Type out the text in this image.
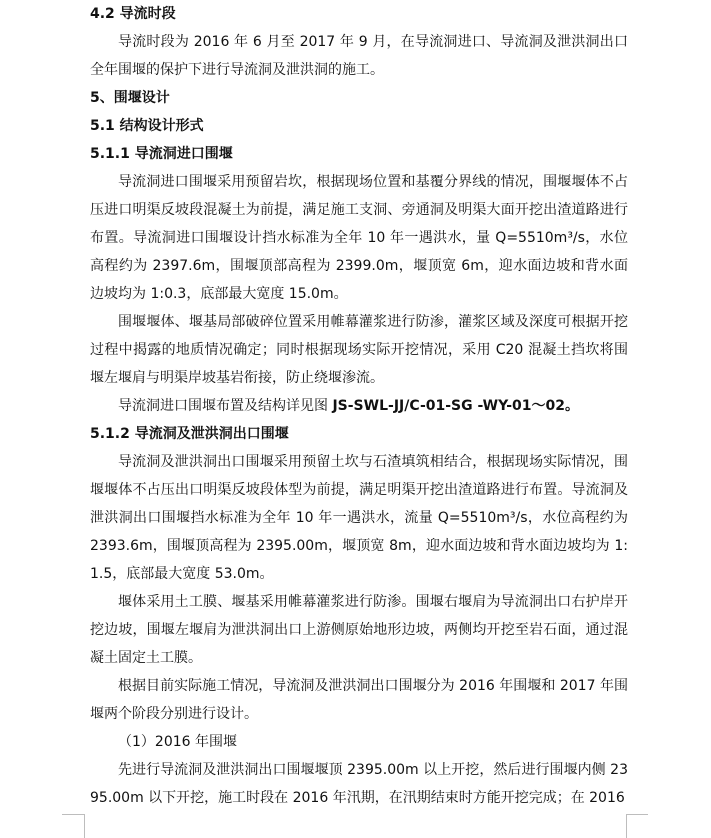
4.2 导流时段

导流时段为 2016 年 6 月至 2017 年 9 月，在导流洞进口、导流洞及泄洪洞出口全年围堰的保护下进行导流洞及泄洪洞的施工。

5、围堰设计
5.1 结构设计形式
5.1.1 导流洞进口围堰

导流洞进口围堰采用预留岩坎，根据现场位置和基覆分界线的情况，围堰堰体不占压进口明渠反坡段混凝土为前提，满足施工支洞、旁通洞及明渠大面开挖出渣道路进行布置。导流洞进口围堰设计挡水标准为全年 10 年一遇洪水，量 Q=5510m³/s，水位高程约为 2397.6m，围堰顶部高程为 2399.0m，堰顶宽 6m，迎水面边坡和背水面边坡均为 1:0.3，底部最大宽度 15.0m。

围堰堰体、堰基局部破碎位置采用帷幕灌浆进行防渗，灌浆区域及深度可根据开挖过程中揭露的地质情况确定；同时根据现场实际开挖情况，采用 C20 混凝土挡坎将围堰左堰肩与明渠岸坡基岩衔接，防止绕堰渗流。

导流洞进口围堰布置及结构详见图 JS-SWL-JJ/C-01-SG -WY-01～02。

5.1.2 导流洞及泄洪洞出口围堰

导流洞及泄洪洞出口围堰采用预留土坎与石渣填筑相结合，根据现场实际情况，围堰堰体不占压出口明渠反坡段体型为前提，满足明渠开挖出渣道路进行布置。导流洞及泄洪洞出口围堰挡水标准为全年 10 年一遇洪水，流量 Q=5510m³/s，水位高程约为 2393.6m，围堰顶高程为 2395.00m，堰顶宽 8m，迎水面边坡和背水面边坡均为 1:1.5，底部最大宽度 53.0m。

堰体采用土工膜、堰基采用帷幕灌浆进行防渗。围堰右堰肩为导流洞出口右护岸开挖边坡，围堰左堰肩为泄洪洞出口上游侧原始地形边坡，两侧均开挖至岩石面，通过混凝土固定土工膜。

根据目前实际施工情况，导流洞及泄洪洞出口围堰分为 2016 年围堰和 2017 年围堰两个阶段分别进行设计。

（1）2016 年围堰

先进行导流洞及泄洪洞出口围堰堰顶 2395.00m 以上开挖，然后进行围堰内侧 2395.00m 以下开挖，施工时段在 2016 年汛期，在汛期结束时方能开挖完成；在 2016
